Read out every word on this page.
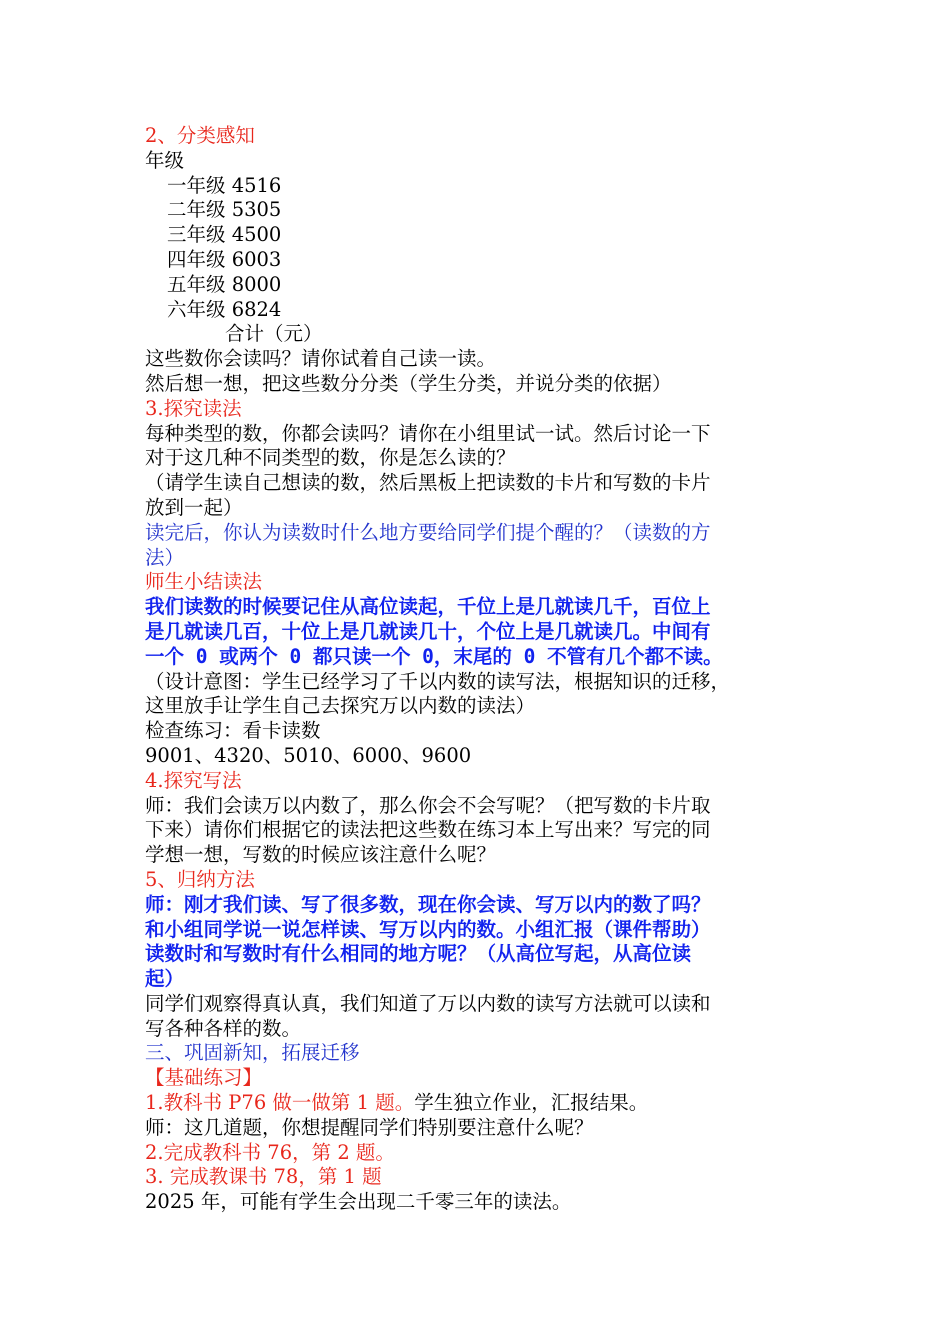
2、分类感知
年级
一年级 4516
二年级 5305
三年级 4500
四年级 6003
五年级 8000
六年级 6824
合计（元）
这些数你会读吗？请你试着自己读一读。
然后想一想，把这些数分分类（学生分类，并说分类的依据）
3.探究读法
每种类型的数，你都会读吗？请你在小组里试一试。然后讨论一下
对于这几种不同类型的数，你是怎么读的？
（请学生读自己想读的数，然后黑板上把读数的卡片和写数的卡片
放到一起）
读完后，你认为读数时什么地方要给同学们提个醒的？（读数的方
法）
师生小结读法
我们读数的时候要记住从高位读起，千位上是几就读几千，百位上
是几就读几百，十位上是几就读几十，个位上是几就读几。中间有
一个 0 或两个 0 都只读一个 0，末尾的 0 不管有几个都不读。
（设计意图：学生已经学习了千以内数的读写法，根据知识的迁移，
这里放手让学生自己去探究万以内数的读法）
检查练习：看卡读数
9001、4320、5010、6000、9600
4.探究写法
师：我们会读万以内数了，那么你会不会写呢？（把写数的卡片取
下来）请你们根据它的读法把这些数在练习本上写出来？写完的同
学想一想，写数的时候应该注意什么呢？
5、归纳方法
师：刚才我们读、写了很多数，现在你会读、写万以内的数了吗？
和小组同学说一说怎样读、写万以内的数。小组汇报（课件帮助）
读数时和写数时有什么相同的地方呢？（从高位写起，从高位读
起）
同学们观察得真认真，我们知道了万以内数的读写方法就可以读和
写各种各样的数。
三、巩固新知，拓展迁移
【基础练习】
1.教科书 P76 做一做第 1 题。学生独立作业，汇报结果。
师：这几道题，你想提醒同学们特别要注意什么呢？
2.完成教科书 76，第 2 题。
3. 完成教课书 78，第 1 题
2025 年，可能有学生会出现二千零三年的读法。
